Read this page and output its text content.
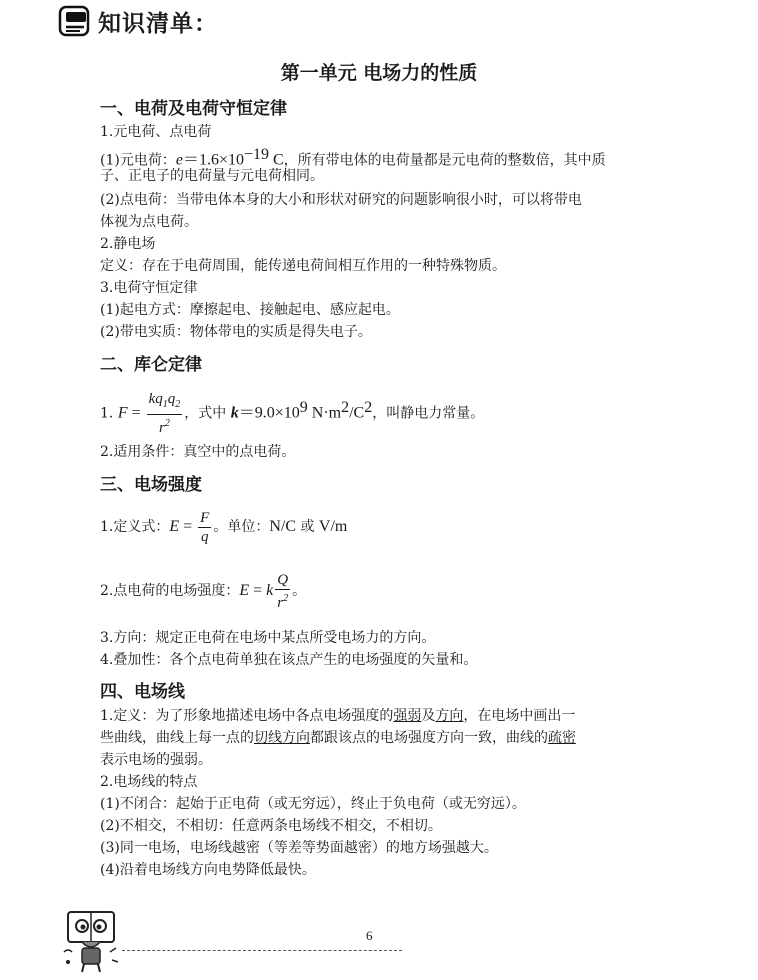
知识清单：
第一单元 电场力的性质
一、电荷及电荷守恒定律
1.元电荷、点电荷
(1)元电荷：$e=1.6\times 10^{-19}$ C，所有带电体的电荷量都是元电荷的整数倍，其中质
子、正电子的电荷量与元电荷相同。
(2)点电荷：当带电体本身的大小和形状对研究的问题影响很小时，可以将带电
体视为点电荷。
2.静电场
定义：存在于电荷周围，能传递电荷间相互作用的一种特殊物质。
3.电荷守恒定律
(1)起电方式：摩擦起电、接触起电、感应起电。
(2)带电实质：物体带电的实质是得失电子。
二、库仑定律
1. $F = \frac{kq_1q_2}{r^2}$ ，式中 $k=9.0\times 10^9$ $N\cdot m^2/C^2$，叫静电力常量。
2.适用条件：真空中的点电荷。
三、电场强度
1.定义式：$E = \frac{F}{q}$ 。单位：N/C 或 V/m
2.点电荷的电场强度：E = k $\frac{Q}{r^2}$ 。
3.方向：规定正电荷在电场中某点所受电场力的方向。
4.叠加性：各个点电荷单独在该点产生的电场强度的矢量和。
四、电场线
1.定义：为了形象地描述电场中各点电场强度的强弱及方向，在电场中画出一
些曲线，曲线上每一点的切线方向都跟该点的电场强度方向一致，曲线的疏密
表示电场的强弱。
2.电场线的特点
(1)不闭合：起始于正电荷（或无穷远），终止于负电荷（或无穷远）。
(2)不相交，不相切：任意两条电场线不相交，不相切。
(3)同一电场，电场线越密（等差等势面越密）的地方场强越大。
(4)沿着电场线方向电势降低最快。
6
